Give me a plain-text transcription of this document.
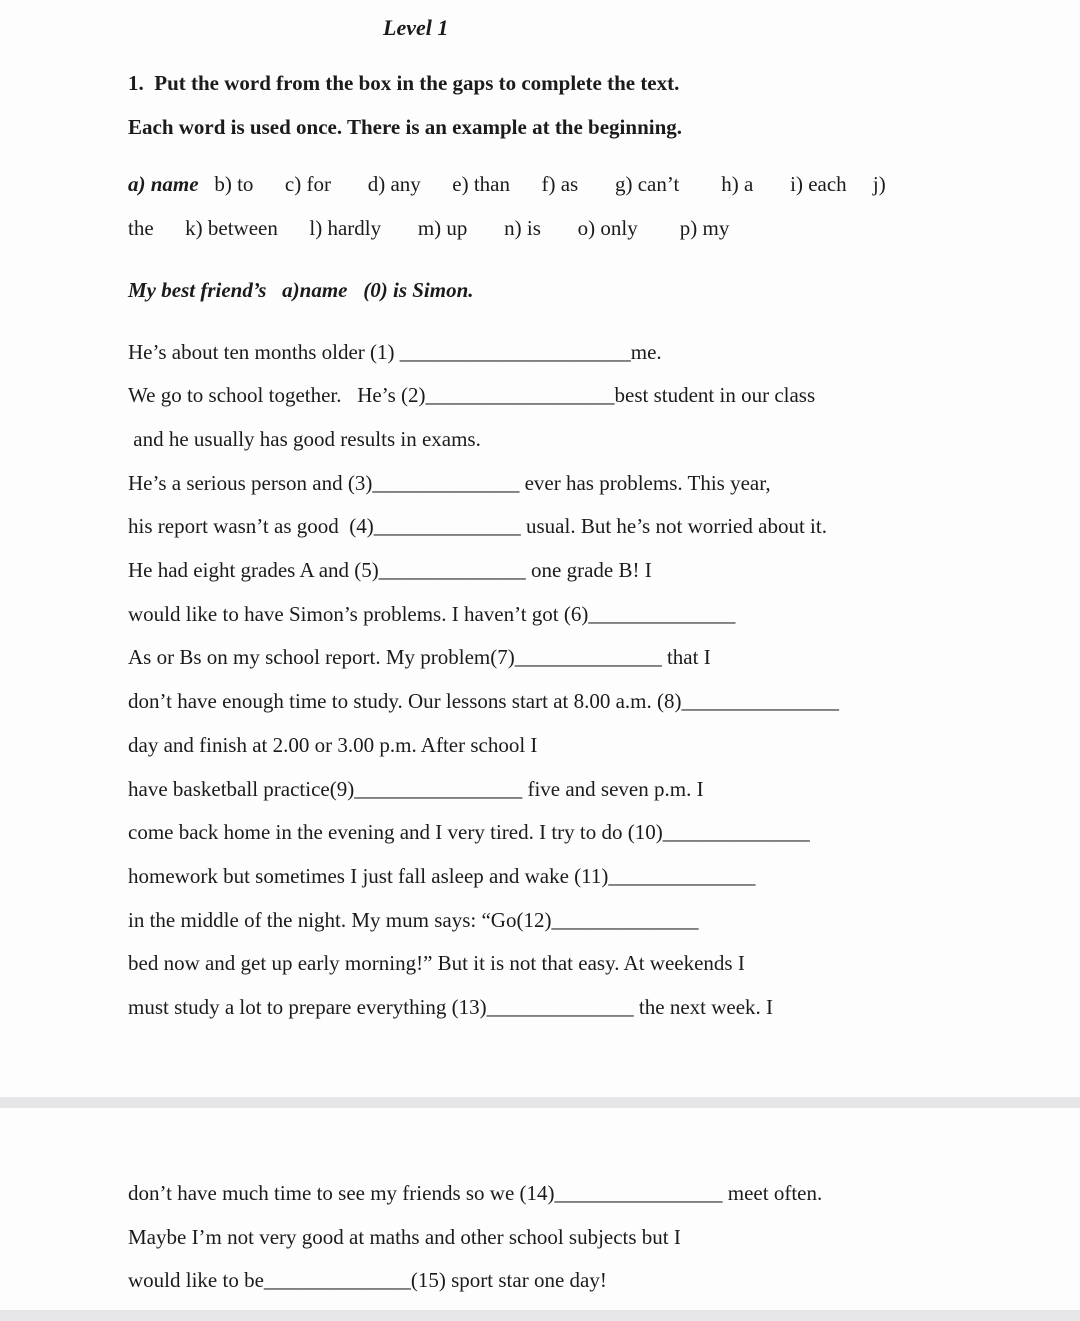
Level 1
1.  Put the word from the box in the gaps to complete the text.
Each word is used once. There is an example at the beginning.
a) name   b) to      c) for       d) any      e) than      f) as       g) can’t        h) a       i) each     j)
the      k) between      l) hardly       m) up       n) is       o) only        p) my
My best friend’s   a)name   (0) is Simon.
He’s about ten months older (1) ______________________me.
We go to school together.   He’s (2)__________________best student in our class
and he usually has good results in exams.
He’s a serious person and (3)______________ ever has problems. This year,
his report wasn’t as good  (4)______________ usual. But he’s not worried about it.
He had eight grades A and (5)______________ one grade B! I
would like to have Simon’s problems. I haven’t got (6)______________
As or Bs on my school report. My problem(7)______________ that I
don’t have enough time to study. Our lessons start at 8.00 a.m. (8)_______________
day and finish at 2.00 or 3.00 p.m. After school I
have basketball practice(9)________________ five and seven p.m. I
come back home in the evening and I very tired. I try to do (10)______________
homework but sometimes I just fall asleep and wake (11)______________
in the middle of the night. My mum says: “Go(12)______________
bed now and get up early morning!” But it is not that easy. At weekends I
must study a lot to prepare everything (13)______________ the next week. I
don’t have much time to see my friends so we (14)________________ meet often.
Maybe I’m not very good at maths and other school subjects but I
would like to be______________(15) sport star one day!
